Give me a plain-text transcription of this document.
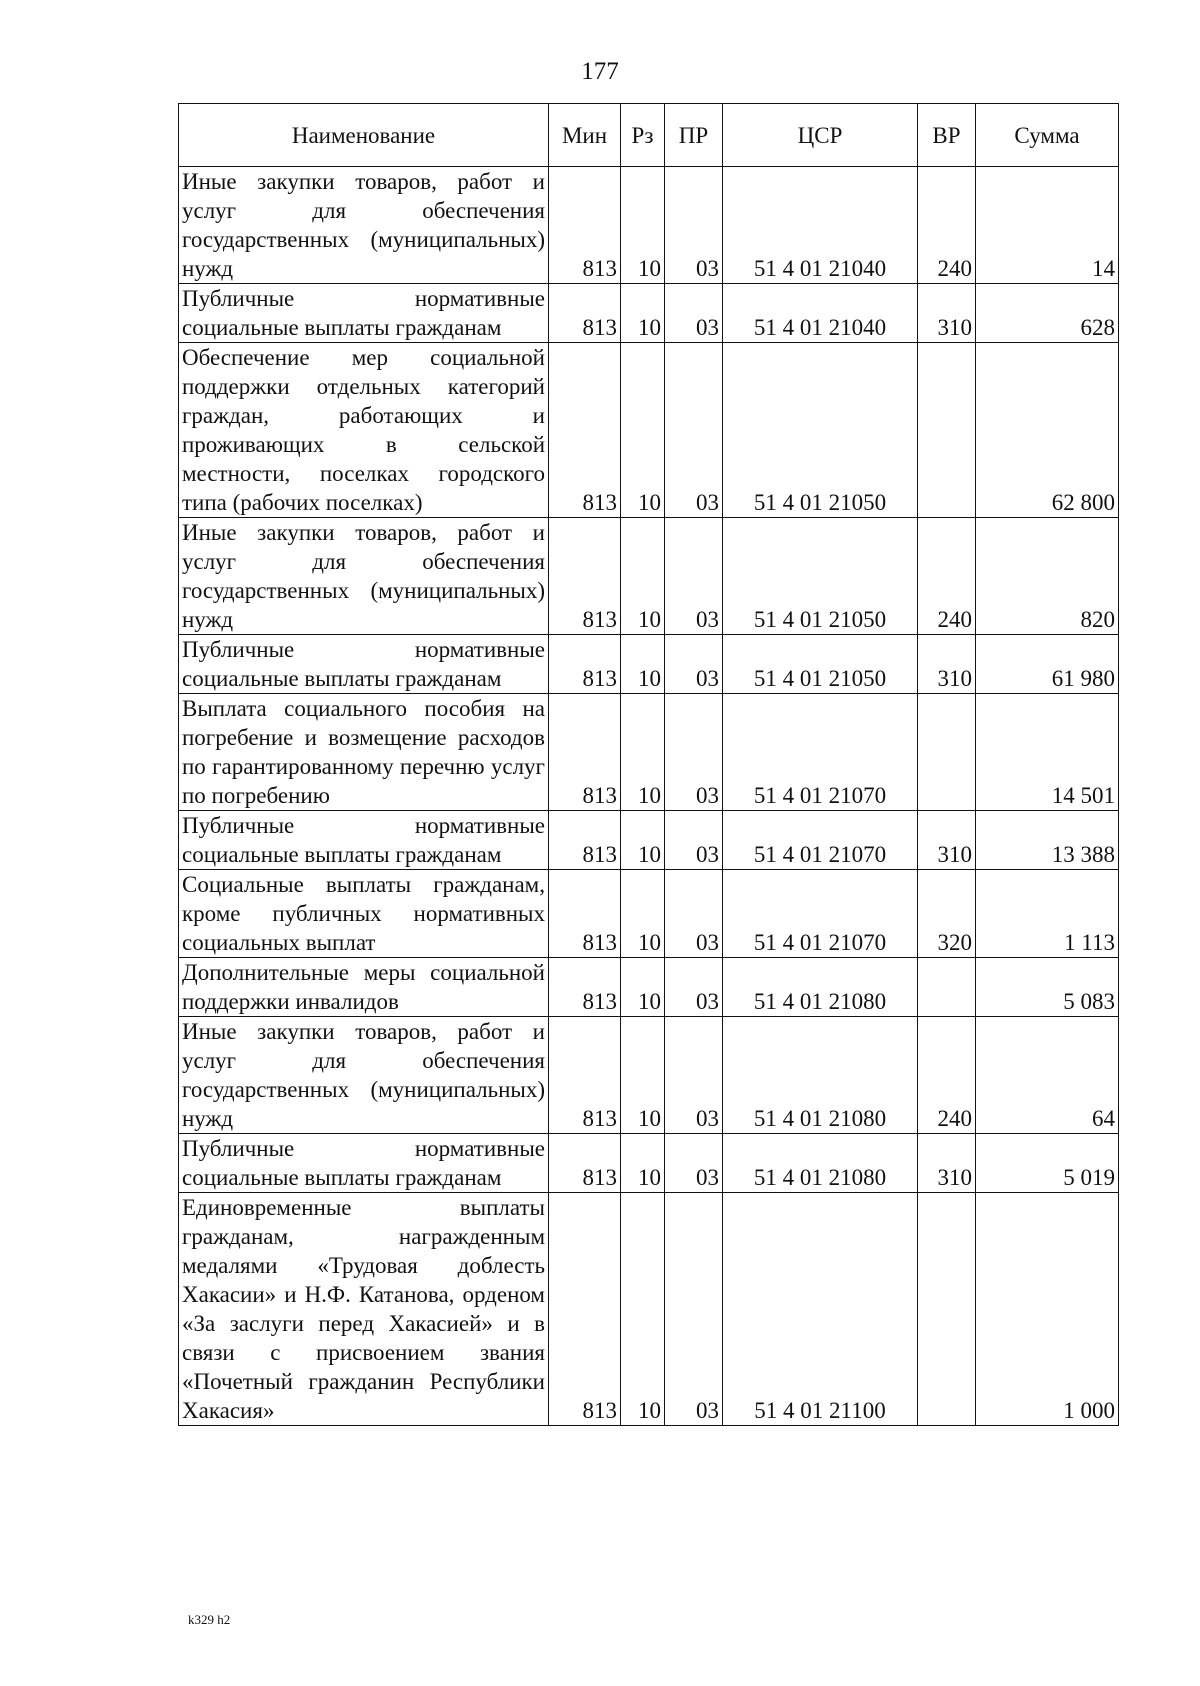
177
Наименование	Мин	Рз	ПР	ЦСР	ВР	Сумма
Иные закупки товаров, работ и услуг для обеспечения государственных (муниципальных) нужд	813	10	03	51 4 01 21040	240	14
Публичные нормативные социальные выплаты гражданам	813	10	03	51 4 01 21040	310	628
Обеспечение мер социальной поддержки отдельных категорий граждан, работающих и проживающих в сельской местности, поселках городского типа (рабочих поселках)	813	10	03	51 4 01 21050		62 800
Иные закупки товаров, работ и услуг для обеспечения государственных (муниципальных) нужд	813	10	03	51 4 01 21050	240	820
Публичные нормативные социальные выплаты гражданам	813	10	03	51 4 01 21050	310	61 980
Выплата социального пособия на погребение и возмещение расходов по гарантированному перечню услуг по погребению	813	10	03	51 4 01 21070		14 501
Публичные нормативные социальные выплаты гражданам	813	10	03	51 4 01 21070	310	13 388
Социальные выплаты гражданам, кроме публичных нормативных социальных выплат	813	10	03	51 4 01 21070	320	1 113
Дополнительные меры социальной поддержки инвалидов	813	10	03	51 4 01 21080		5 083
Иные закупки товаров, работ и услуг для обеспечения государственных (муниципальных) нужд	813	10	03	51 4 01 21080	240	64
Публичные нормативные социальные выплаты гражданам	813	10	03	51 4 01 21080	310	5 019
Единовременные выплаты гражданам, награжденным медалями «Трудовая доблесть Хакасии» и Н.Ф. Катанова, орденом «За заслуги перед Хакасией» и в связи с присвоением звания «Почетный гражданин Республики Хакасия»	813	10	03	51 4 01 21100		1 000
k329 h2
